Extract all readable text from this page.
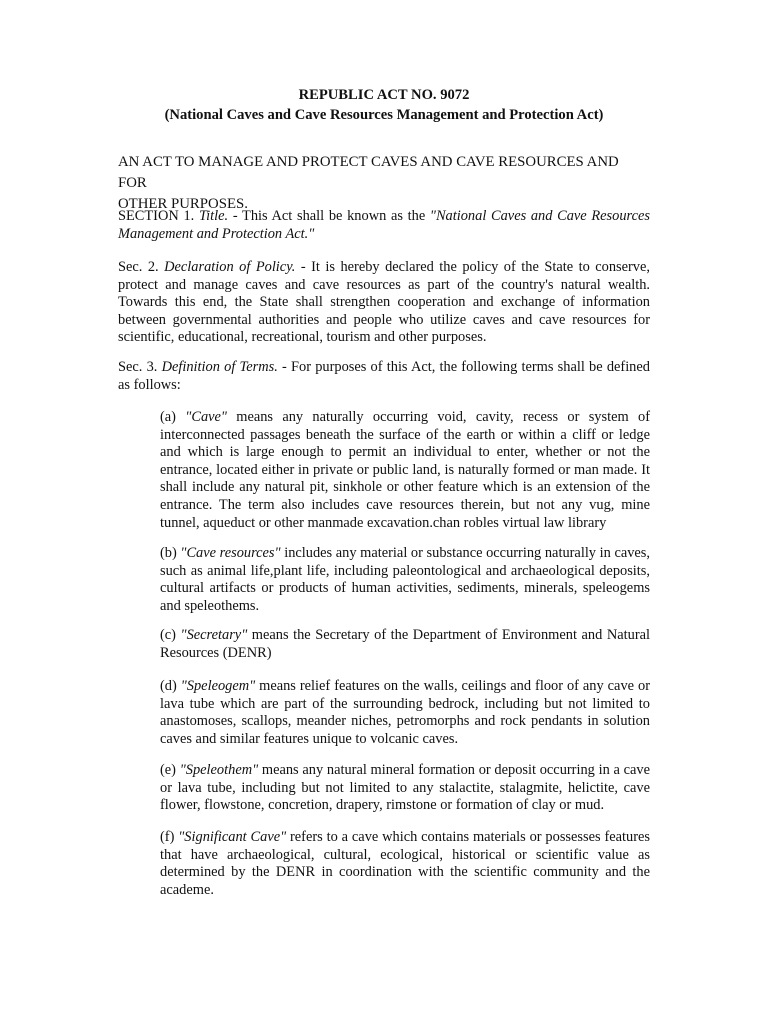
REPUBLIC ACT NO. 9072
(National Caves and Cave Resources Management and Protection Act)
AN ACT TO MANAGE AND PROTECT CAVES AND CAVE RESOURCES AND FOR
OTHER PURPOSES.
SECTION 1. Title. - This Act shall be known as the "National Caves and Cave Resources Management and Protection Act."
Sec. 2. Declaration of Policy. - It is hereby declared the policy of the State to conserve, protect and manage caves and cave resources as part of the country's natural wealth. Towards this end, the State shall strengthen cooperation and exchange of information between governmental authorities and people who utilize caves and cave resources for scientific, educational, recreational, tourism and other purposes.
Sec. 3. Definition of Terms. - For purposes of this Act, the following terms shall be defined as follows:
(a) "Cave" means any naturally occurring void, cavity, recess or system of interconnected passages beneath the surface of the earth or within a cliff or ledge and which is large enough to permit an individual to enter, whether or not the entrance, located either in private or public land, is naturally formed or man made. It shall include any natural pit, sinkhole or other feature which is an extension of the entrance. The term also includes cave resources therein, but not any vug, mine tunnel, aqueduct or other manmade excavation.chan robles virtual law library
(b) "Cave resources" includes any material or substance occurring naturally in caves, such as animal life,plant life, including paleontological and archaeological deposits, cultural artifacts or products of human activities, sediments, minerals, speleogems and speleothems.
(c) "Secretary" means the Secretary of the Department of Environment and Natural Resources (DENR)
(d) "Speleogem" means relief features on the walls, ceilings and floor of any cave or lava tube which are part of the surrounding bedrock, including but not limited to anastomoses, scallops, meander niches, petromorphs and rock pendants in solution caves and similar features unique to volcanic caves.
(e) "Speleothem" means any natural mineral formation or deposit occurring in a cave or lava tube, including but not limited to any stalactite, stalagmite, helictite, cave flower, flowstone, concretion, drapery, rimstone or formation of clay or mud.
(f) "Significant Cave" refers to a cave which contains materials or possesses features that have archaeological, cultural, ecological, historical or scientific value as determined by the DENR in coordination with the scientific community and the academe.
